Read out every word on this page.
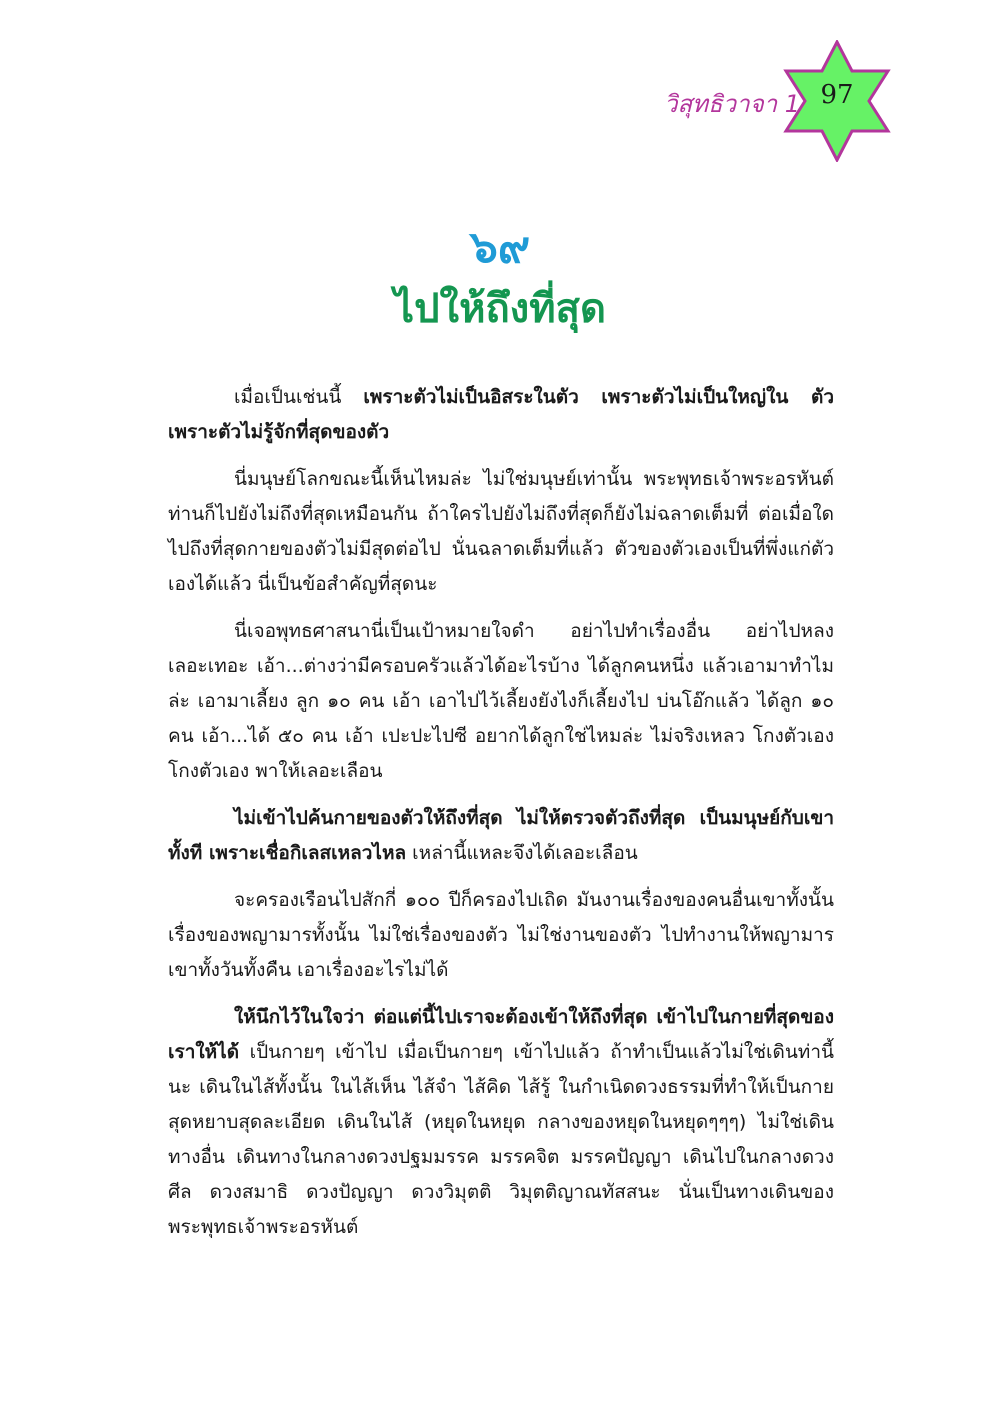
วิสุทธิวาจา 1 97
๖๙
ไปให้ถึงที่สุด

เมื่อเป็นเช่นนี้ เพราะตัวไม่เป็นอิสระในตัว เพราะตัวไม่เป็นใหญ่ใน ตัว เพราะตัวไม่รู้จักที่สุดของตัว

นี่มนุษย์โลกขณะนี้เห็นไหมล่ะ ไม่ใช่มนุษย์เท่านั้น พระพุทธเจ้าพระอรหันต์ท่านก็ไปยังไม่ถึงที่สุดเหมือนกัน ถ้าใครไปยังไม่ถึงที่สุดก็ยังไม่ฉลาดเต็มที่ ต่อเมื่อใดไปถึงที่สุดกายของตัวไม่มีสุดต่อไป นั่นฉลาดเต็มที่แล้ว ตัวของตัวเองเป็นที่พึ่งแก่ตัวเองได้แล้ว นี่เป็นข้อสำคัญที่สุดนะ

นี่เจอพุทธศาสนานี่เป็นเป้าหมายใจดำ อย่าไปทำเรื่องอื่น อย่าไปหลงเลอะเทอะ เอ้า...ต่างว่ามีครอบครัวแล้วได้อะไรบ้าง ได้ลูกคนหนึ่ง แล้วเอามาทำไมล่ะ เอามาเลี้ยง ลูก ๑๐ คน เอ้า เอาไปไว้เลี้ยงยังไงก็เลี้ยงไป บ่นโอ๊กแล้ว ได้ลูก ๑๐ คน เอ้า...ได้ ๕๐ คน เอ้า เปะปะไปซี อยากได้ลูกใช่ไหมล่ะ ไม่จริงเหลว โกงตัวเอง โกงตัวเอง พาให้เลอะเลือน

ไม่เข้าไปค้นกายของตัวให้ถึงที่สุด ไม่ให้ตรวจตัวถึงที่สุด เป็นมนุษย์กับเขาทั้งที เพราะเชื่อกิเลสเหลวไหล เหล่านี้แหละจึงได้เลอะเลือน

จะครองเรือนไปสักกี่ ๑๐๐ ปีก็ครองไปเถิด มันงานเรื่องของคนอื่นเขาทั้งนั้น เรื่องของพญามารทั้งนั้น ไม่ใช่เรื่องของตัว ไม่ใช่งานของตัว ไปทำงานให้พญามารเขาทั้งวันทั้งคืน เอาเรื่องอะไรไม่ได้

ให้นึกไว้ในใจว่า ต่อแต่นี้ไปเราจะต้องเข้าให้ถึงที่สุด เข้าไปในกายที่สุดของเราให้ได้ เป็นกายๆ เข้าไป เมื่อเป็นกายๆ เข้าไปแล้ว ถ้าทำเป็นแล้วไม่ใช่เดินท่านี้นะ เดินในไส้ทั้งนั้น ในไส้เห็น ไส้จำ ไส้คิด ไส้รู้ ในกำเนิดดวงธรรมที่ทำให้เป็นกายสุดหยาบสุดละเอียด เดินในไส้ (หยุดในหยุด กลางของหยุดในหยุดๆๆๆ) ไม่ใช่เดินทางอื่น เดินทางในกลางดวงปฐมมรรค มรรคจิต มรรคปัญญา เดินไปในกลางดวงศีล ดวงสมาธิ ดวงปัญญา ดวงวิมุตติ วิมุตติญาณทัสสนะ นั่นเป็นทางเดินของพระพุทธเจ้าพระอรหันต์
